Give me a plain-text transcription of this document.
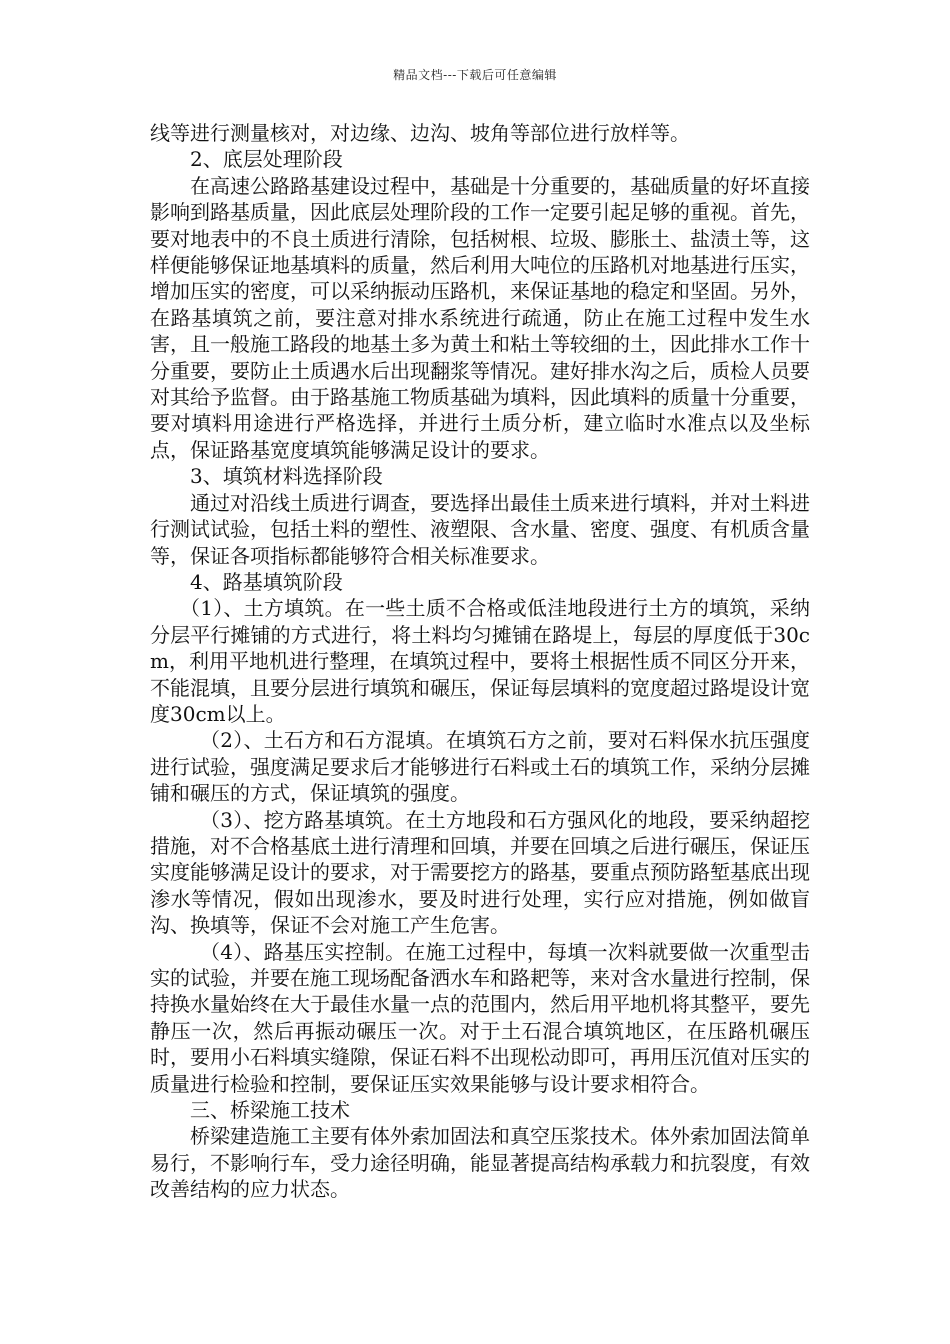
精品文档---下载后可任意编辑

线等进行测量核对，对边缘、边沟、坡角等部位进行放样等。

2、底层处理阶段

在高速公路路基建设过程中，基础是十分重要的，基础质量的好坏直接影响到路基质量，因此底层处理阶段的工作一定要引起足够的重视。首先，要对地表中的不良土质进行清除，包括树根、垃圾、膨胀土、盐渍土等，这样便能够保证地基填料的质量，然后利用大吨位的压路机对地基进行压实，增加压实的密度，可以采纳振动压路机，来保证基地的稳定和坚固。另外，在路基填筑之前，要注意对排水系统进行疏通，防止在施工过程中发生水害，且一般施工路段的地基土多为黄土和粘土等较细的土，因此排水工作十分重要，要防止土质遇水后出现翻浆等情况。建好排水沟之后，质检人员要对其给予监督。由于路基施工物质基础为填料，因此填料的质量十分重要，要对填料用途进行严格选择，并进行土质分析，建立临时水准点以及坐标点，保证路基宽度填筑能够满足设计的要求。

3、填筑材料选择阶段

通过对沿线土质进行调查，要选择出最佳土质来进行填料，并对土料进行测试试验，包括土料的塑性、液塑限、含水量、密度、强度、有机质含量等，保证各项指标都能够符合相关标准要求。

4、路基填筑阶段

（1）、土方填筑。在一些土质不合格或低洼地段进行土方的填筑，采纳分层平行摊铺的方式进行，将土料均匀摊铺在路堤上，每层的厚度低于30cm，利用平地机进行整理，在填筑过程中，要将土根据性质不同区分开来，不能混填，且要分层进行填筑和碾压，保证每层填料的宽度超过路堤设计宽度30cm以上。

（2）、土石方和石方混填。在填筑石方之前，要对石料保水抗压强度进行试验，强度满足要求后才能够进行石料或土石的填筑工作，采纳分层摊铺和碾压的方式，保证填筑的强度。

（3）、挖方路基填筑。在土方地段和石方强风化的地段，要采纳超挖措施，对不合格基底土进行清理和回填，并要在回填之后进行碾压，保证压实度能够满足设计的要求，对于需要挖方的路基，要重点预防路堑基底出现渗水等情况，假如出现渗水，要及时进行处理，实行应对措施，例如做盲沟、换填等，保证不会对施工产生危害。

（4）、路基压实控制。在施工过程中，每填一次料就要做一次重型击实的试验，并要在施工现场配备洒水车和路耙等，来对含水量进行控制，保持换水量始终在大于最佳水量一点的范围内，然后用平地机将其整平，要先静压一次，然后再振动碾压一次。对于土石混合填筑地区，在压路机碾压时，要用小石料填实缝隙，保证石料不出现松动即可，再用压沉值对压实的质量进行检验和控制，要保证压实效果能够与设计要求相符合。

三、桥梁施工技术

桥梁建造施工主要有体外索加固法和真空压浆技术。体外索加固法简单易行，不影响行车，受力途径明确，能显著提高结构承载力和抗裂度，有效改善结构的应力状态。
